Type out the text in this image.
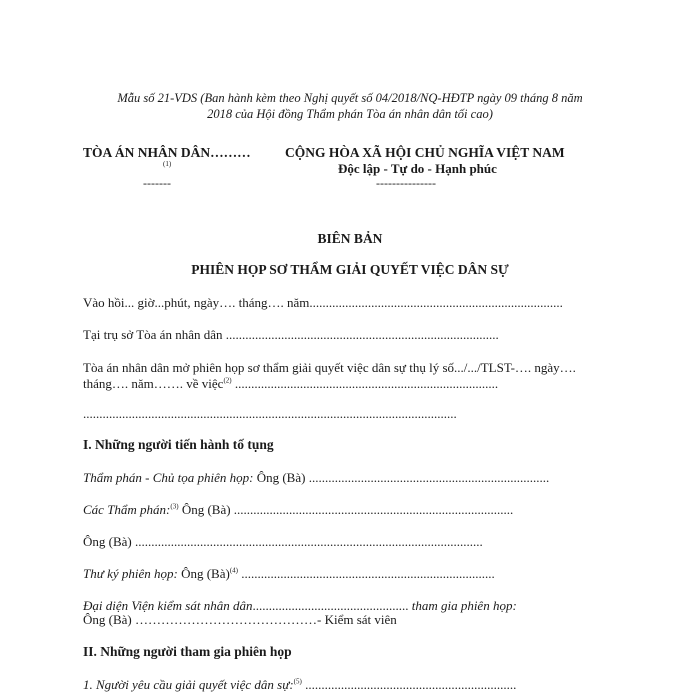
Mẫu số 21-VDS (Ban hành kèm theo Nghị quyết số 04/2018/NQ-HĐTP ngày 09 tháng 8 năm
2018 của Hội đồng Thẩm phán Tòa án nhân dân tối cao)
TÒA ÁN NHÂN DÂN………
(1)
-------
CỘNG HÒA XÃ HỘI CHỦ NGHĨA VIỆT NAM
Độc lập - Tự do - Hạnh phúc
---------------
BIÊN BẢN
PHIÊN HỌP SƠ THẨM GIẢI QUYẾT VIỆC DÂN SỰ
Vào hồi... giờ...phút, ngày…. tháng…. năm..............................................................................
Tại trụ sở Tòa án nhân dân ....................................................................................
Tòa án nhân dân mở phiên họp sơ thẩm giải quyết việc dân sự thụ lý số.../.../TLST-…. ngày….
tháng…. năm……. về việc$^{(2)}$ .................................................................................
...................................................................................................................
I. Những người tiến hành tố tụng
Thẩm phán - Chủ tọa phiên họp: Ông (Bà) ..........................................................................
Các Thẩm phán:$^{(3)}$ Ông (Bà) ......................................................................................
Ông (Bà) ...........................................................................................................
Thư ký phiên họp: Ông (Bà)$^{(4)}$ ..............................................................................
Đại diện Viện kiểm sát nhân dân................................................ tham gia phiên họp:
Ông (Bà) ……………………………………- Kiểm sát viên
II. Những người tham gia phiên họp
1. Người yêu cầu giải quyết việc dân sự:$^{(5)}$ .................................................................
